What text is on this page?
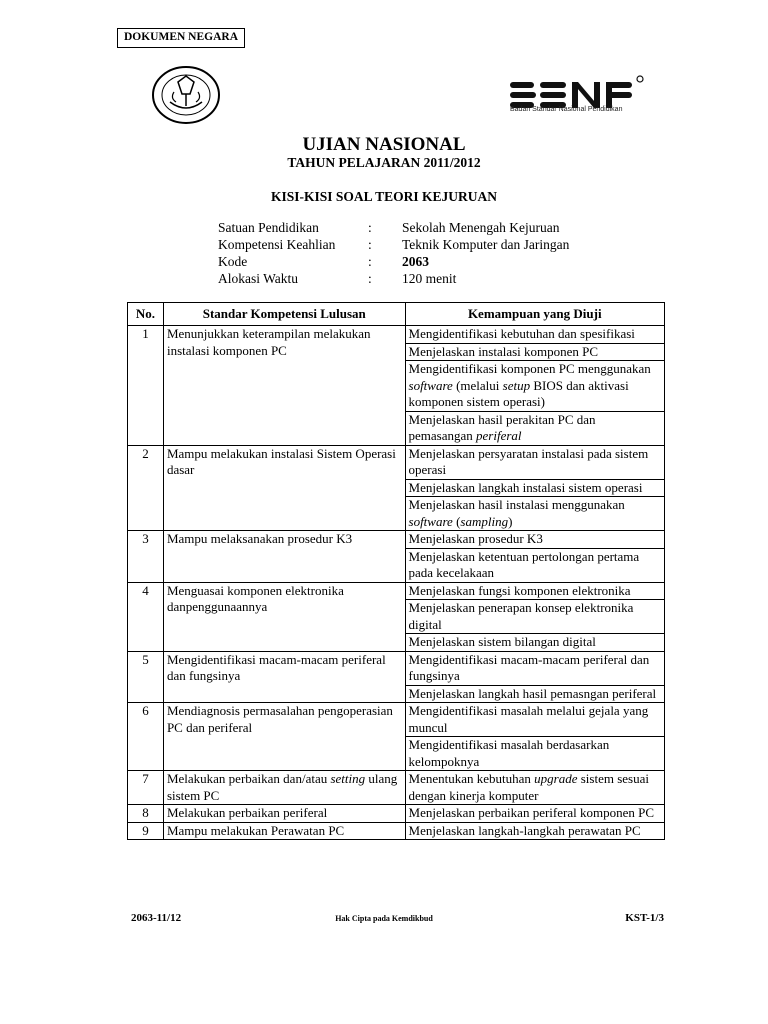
DOKUMEN NEGARA
Badan Standar Nasional Pendidikan
UJIAN NASIONAL
TAHUN PELAJARAN 2011/2012
KISI-KISI SOAL TEORI KEJURUAN
Satuan Pendidikan	:	Sekolah Menengah Kejuruan
Kompetensi Keahlian	:	Teknik Komputer dan Jaringan
Kode	:	2063
Alokasi Waktu	:	120 menit
No.	Standar Kompetensi Lulusan	Kemampuan yang Diuji
1	Menunjukkan keterampilan melakukan instalasi komponen PC	Mengidentifikasi kebutuhan dan spesifikasi
		Menjelaskan instalasi komponen PC
		Mengidentifikasi komponen PC menggunakan software (melalui setup BIOS dan aktivasi komponen sistem operasi)
		Menjelaskan hasil perakitan PC dan pemasangan periferal
2	Mampu melakukan instalasi Sistem Operasi dasar	Menjelaskan persyaratan instalasi pada sistem operasi
		Menjelaskan langkah instalasi sistem operasi
		Menjelaskan hasil instalasi menggunakan software (sampling)
3	Mampu melaksanakan prosedur K3	Menjelaskan prosedur K3
		Menjelaskan ketentuan pertolongan pertama pada kecelakaan
4	Menguasai komponen elektronika danpenggunaannya	Menjelaskan fungsi komponen elektronika
		Menjelaskan penerapan konsep elektronika digital
		Menjelaskan sistem bilangan digital
5	Mengidentifikasi macam-macam periferal dan fungsinya	Mengidentifikasi macam-macam periferal dan fungsinya
		Menjelaskan langkah hasil pemasngan periferal
6	Mendiagnosis permasalahan pengoperasian PC dan periferal	Mengidentifikasi masalah melalui gejala yang muncul
		Mengidentifikasi masalah berdasarkan kelompoknya
7	Melakukan perbaikan dan/atau setting ulang sistem PC	Menentukan kebutuhan upgrade sistem sesuai dengan kinerja komputer
8	Melakukan perbaikan periferal	Menjelaskan perbaikan periferal komponen PC
9	Mampu melakukan Perawatan PC	Menjelaskan langkah-langkah perawatan PC
2063-11/12	Hak Cipta pada Kemdikbud	KST-1/3
